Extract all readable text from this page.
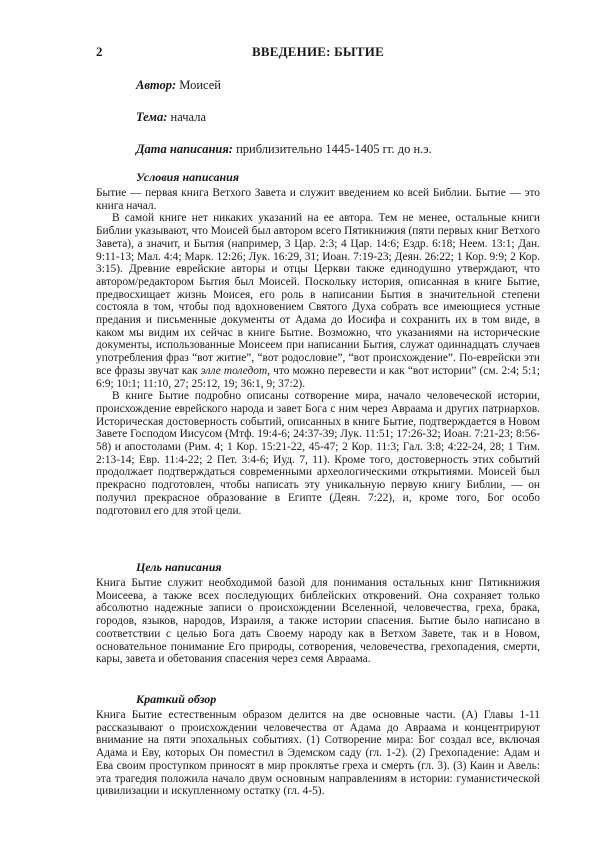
2	ВВЕДЕНИЕ: БЫТИЕ
Автор: Моисей
Тема: начала
Дата написания: приблизительно 1445-1405 гг. до н.э.
Условия написания

Бытие — первая книга Ветхого Завета и служит введением ко всей Библии. Бытие — это книга начал.

В самой книге нет никаких указаний на ее автора. Тем не менее, остальные книги Библии указывают, что Моисей был автором всего Пятикнижия (пяти первых книг Ветхого Завета), а значит, и Бытия (например, 3 Цар. 2:3; 4 Цар. 14:6; Ездр. 6:18; Неем. 13:1; Дан. 9:11-13; Мал. 4:4; Марк. 12:26; Лук. 16:29, 31; Иоан. 7:19-23; Деян. 26:22; 1 Кор. 9:9; 2 Кор. 3:15). Древние еврейские авторы и отцы Церкви также единодушно утверждают, что автором/редактором Бытия был Моисей. Поскольку история, описанная в книге Бытие, предвосхищает жизнь Моисея, его роль в написании Бытия в значительной степени состояла в том, чтобы под вдохновением Святого Духа собрать все имеющиеся устные предания и письменные документы от Адама до Иосифа и сохранить их в том виде, в каком мы видим их сейчас в книге Бытие. Возможно, что указаниями на исторические документы, использованные Моисеем при написании Бытия, служат одиннадцать случаев употребления фраз “вот житие”, “вот родословие”, “вот происхождение”. По-еврейски эти все фразы звучат как элле толедот, что можно перевести и как “вот истории” (см. 2:4; 5:1; 6:9; 10:1; 11:10, 27; 25:12, 19; 36:1, 9; 37:2).

В книге Бытие подробно описаны сотворение мира, начало человеческой истории, происхождение еврейского народа и завет Бога с ним через Авраама и других патриархов. Историческая достоверность событий, описанных в книге Бытие, подтверждается в Новом Завете Господом Иисусом (Мтф. 19:4-6; 24:37-39; Лук. 11:51; 17:26-32; Иоан. 7:21-23; 8:56-58) и апостолами (Рим. 4; 1 Кор. 15:21-22, 45-47; 2 Кор. 11:3; Гал. 3:8; 4:22-24, 28; 1 Тим. 2:13-14; Евр. 11:4-22; 2 Пет. 3:4-6; Иуд. 7, 11). Кроме того, достоверность этих событий продолжает подтверждаться современными археологическими открытиями. Моисей был прекрасно подготовлен, чтобы написать эту уникальную первую книгу Библии, — он получил прекрасное образование в Египте (Деян. 7:22), и, кроме того, Бог особо подготовил его для этой цели.

Цель написания

Книга Бытие служит необходимой базой для понимания остальных книг Пятикнижия Моисеева, а также всех последующих библейских откровений. Она сохраняет только абсолютно надежные записи о происхождении Вселенной, человечества, греха, брака, городов, языков, народов, Израиля, а также истории спасения. Бытие было написано в соответствии с целью Бога дать Своему народу как в Ветхом Завете, так и в Новом, основательное понимание Его природы, сотворения, человечества, грехопадения, смерти, кары, завета и обетования спасения через семя Авраама.

Краткий обзор

Книга Бытие естественным образом делится на две основные части. (А) Главы 1-11 рассказывают о происхождении человечества от Адама до Авраама и концентрируют внимание на пяти эпохальных событиях. (1) Сотворение мира: Бог создал все, включая Адама и Еву, которых Он поместил в Эдемском саду (гл. 1-2). (2) Грехопадение: Адам и Ева своим проступком приносят в мир проклятье греха и смерть (гл. 3). (3) Каин и Авель: эта трагедия положила начало двум основным направлениям в истории: гуманистической цивилизации и искупленному остатку (гл. 4-5).
